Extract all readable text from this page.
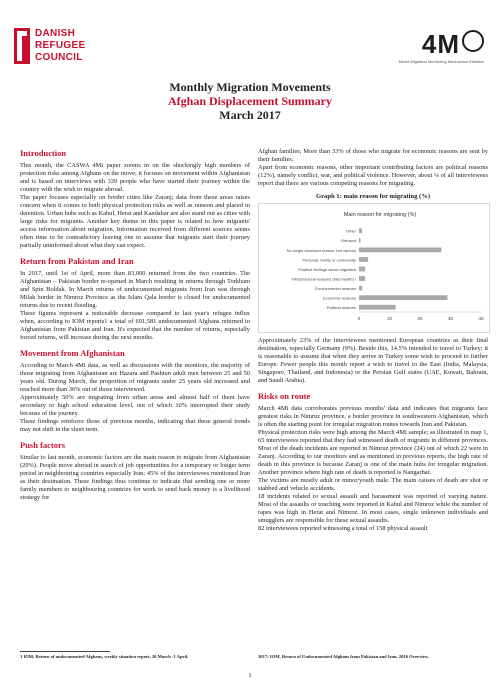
DANISH
REFUGEE
COUNCIL	4M
Mixed Migration Monitoring Mechanism Initiative
Monthly Migration Movements
Afghan Displacement Summary
March 2017
Introduction

This month, the CASWA 4Mi paper zooms in on the shockingly high numbers of protection risks among Afghans on the move; it focuses on movement within Afghanistan and is based on interviews with 339 people who have started their journey within the country with the wish to migrate abroad.

The paper focuses especially on border cities like Zaranj; data from these areas raises concern when it comes to both physical protection risks as well as ransom and placed in detention. Urban hubs such as Kabul, Herat and Kandahar are also stand out as cities with large risks for migrants. Another key theme in this paper is related to how migrants' access information about migration. Information received from different sources seems often time to be contradictory leaving one to assume that migrants start their journey partially uninformed about what they can expect.

Return from Pakistan and Iran

In 2017, until 1st of April, more than 83,000 returned from the two countries. The Afghanistan – Pakistan border re-opened in March resulting in returns through Torkham and Spin Boldak. In March returns of undocumented migrants from Iran was through Milak border in Nimroz Province as the Islam Qala border is closed for undocumented returns due to recent flooding.

These figures represent a noticeable decrease compared to last year's refugee influx when, according to IOM reports1 a total of 691,581 undocumented Afghans returned to Afghanistan from Pakistan and Iran. It's expected that the number of returns, especially forced returns, will increase during the next months.

Movement from Afghanistan

According to March 4Mi data, as well as discussions with the monitors, the majority of those migrating from Afghanistan are Hazara and Pashtun adult men between 25 and 50 years old. During March, the proportion of migrants under 25 years old increased and reached more than 36% out of those interviewed.

Approximately 50% are migrating from urban areas and almost half of them have secondary or high school education level, out of which 10% interrupted their study because of the journey.

These findings reinforce those of previous months, indicating that these general trends may not shift in the short term.

Push factors

Similar to last month, economic factors are the main reason to migrate from Afghanistan (29%). People move abroad in search of job opportunities for a temporary or longer term period in neighbouring countries especially Iran; 45% of the interviewees mentioned Iran as their destination. These findings thus continue to indicate that sending one or more family members to neighbouring countries for work to send back money is a livelihood strategy for

Afghan families; More than 33% of those who migrate for economic reasons are sent by their families.

Apart from economic reasons, other important contributing factors are political reasons (12%), namely conflict, war, and political violence. However, about ¼ of all interviewees report that there are various competing reasons for migrating.

Graph 1: main reason for migrating (%)
Main reason for migrating (%)
Other
Refused
No single dominant reason, but various
Personal, family or community
Positive feelings about migration
Infrastructural reasons (bad health) /
Environmental reasons
Economic reasons
Political reasons
0	10	20	30	40

Approximately 23% of the interviewees mentioned European countries as their final destination, especially Germany (9%). Beside this, 14.5% intended to travel to Turkey; it is reasonable to assume that when they arrive in Turkey some wish to proceed to further Europe. Fewer people this month report a wish to travel to the East (India, Malaysia, Singapore, Thailand, and Indonesia) or the Persian Gulf states (UAE, Kuwait, Bahrain, and Saudi Arabia).

Risks on route

March 4Mi data corroborates previous months' data and indicates that migrants face greatest risks in Nimruz province, a border province in southwestern Afghanistan, which is often the starting point for irregular migration routes towards Iran and Pakistan.

Physical protection risks were high among the March 4Mi sample; as illustrated in map 1, 65 interviewees reported that they had witnessed death of migrants in different provinces. Most of the death incidents are reported in Nimruz province (24) out of which 22 were in Zaranj. According to our monitors and as mentioned in previous reports, the high rate of death in this province is because Zaranj is one of the main hubs for irregular migration. Another province where high rate of death is reported is Nangarhar.

The victims are mostly adult or minor/youth male. The main causes of death are shot or stabbed and vehicle accidents.

18 incidents related to sexual assault and harassment was reported of varying nature. Most of the assaults or touching were reported in Kabul and Nimroz while the number of rapes was high in Herat and Nimroz. In most cases, single unknown individuals and smugglers are responsible for these sexual assaults.

82 interviewees reported witnessing a total of 158 physical assault

1 IOM, Return of undocumented Afghans, weekly situation report, 26 March -1 April.	2017; IOM, Return of Undocumented Afghans from Pakistan and Iran, 2016 Overview.
1
